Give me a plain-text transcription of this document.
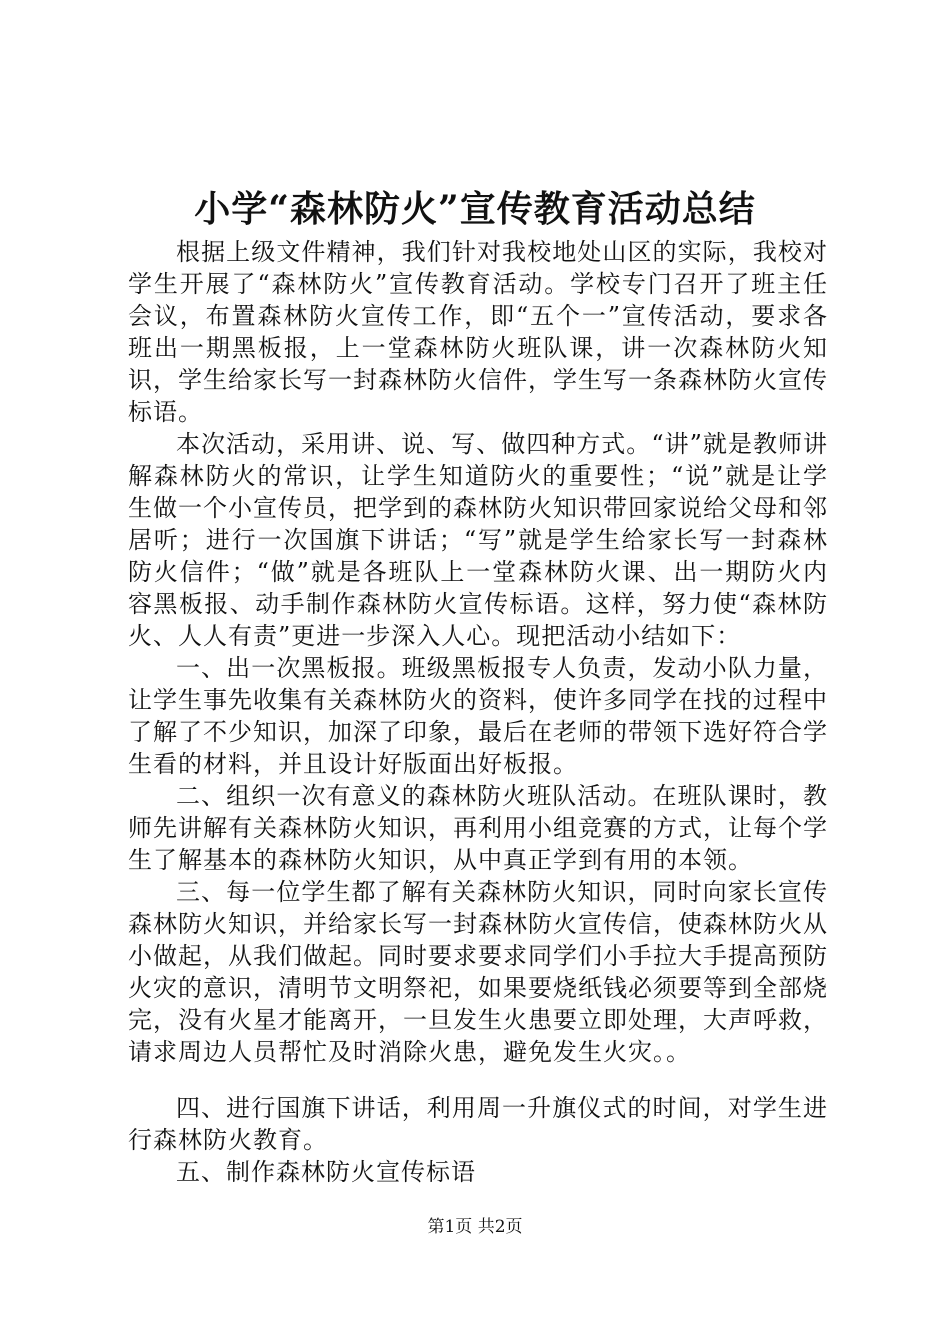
小学“森林防火”宣传教育活动总结

根据上级文件精神，我们针对我校地处山区的实际，我校对学生开展了“森林防火”宣传教育活动。学校专门召开了班主任会议，布置森林防火宣传工作，即“五个一”宣传活动，要求各班出一期黑板报，上一堂森林防火班队课，讲一次森林防火知识，学生给家长写一封森林防火信件，学生写一条森林防火宣传标语。

本次活动，采用讲、说、写、做四种方式。“讲”就是教师讲解森林防火的常识，让学生知道防火的重要性；“说”就是让学生做一个小宣传员，把学到的森林防火知识带回家说给父母和邻居听；进行一次国旗下讲话；“写”就是学生给家长写一封森林防火信件；“做”就是各班队上一堂森林防火课、出一期防火内容黑板报、动手制作森林防火宣传标语。这样，努力使“森林防火、人人有责”更进一步深入人心。现把活动小结如下：

一、出一次黑板报。班级黑板报专人负责，发动小队力量，让学生事先收集有关森林防火的资料，使许多同学在找的过程中了解了不少知识，加深了印象，最后在老师的带领下选好符合学生看的材料，并且设计好版面出好板报。

二、组织一次有意义的森林防火班队活动。在班队课时，教师先讲解有关森林防火知识，再利用小组竞赛的方式，让每个学生了解基本的森林防火知识，从中真正学到有用的本领。

三、每一位学生都了解有关森林防火知识，同时向家长宣传森林防火知识，并给家长写一封森林防火宣传信，使森林防火从小做起，从我们做起。同时要求要求同学们小手拉大手提高预防火灾的意识，清明节文明祭祀，如果要烧纸钱必须要等到全部烧完，没有火星才能离开，一旦发生火患要立即处理，大声呼救，请求周边人员帮忙及时消除火患，避免发生火灾。。

四、进行国旗下讲话，利用周一升旗仪式的时间，对学生进行森林防火教育。

五、制作森林防火宣传标语

第1页 共2页
